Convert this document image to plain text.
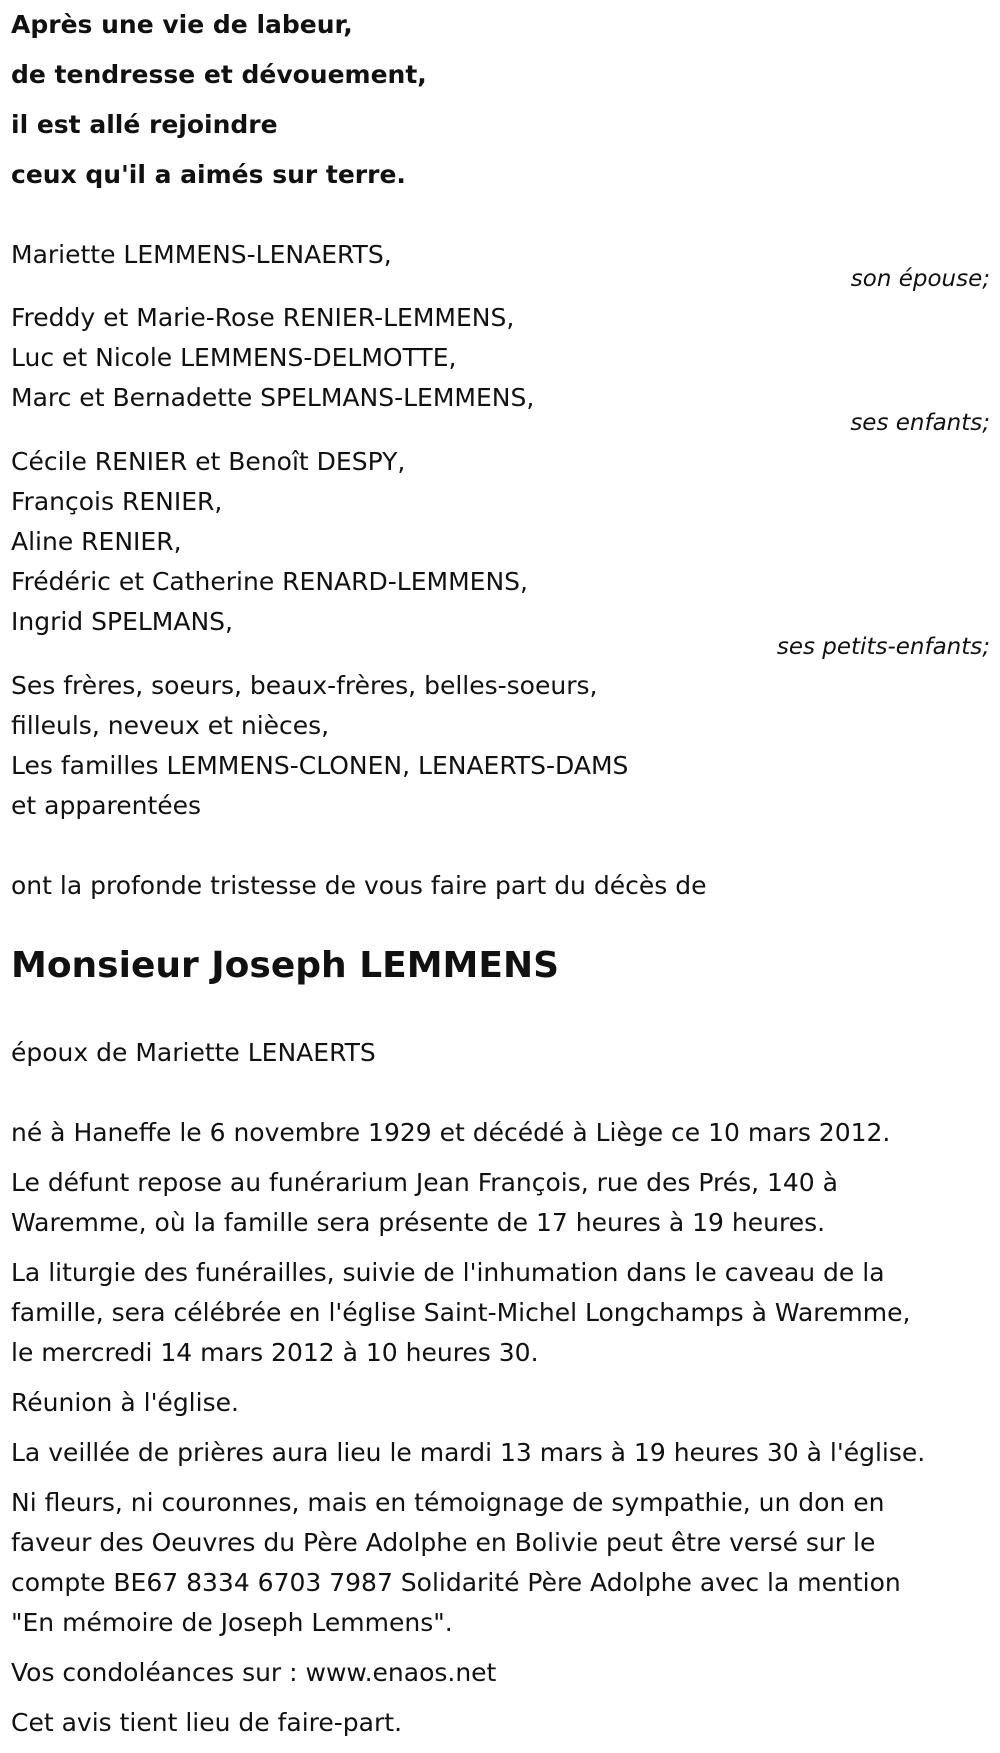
Après une vie de labeur,

de tendresse et dévouement,

il est allé rejoindre

ceux qu'il a aimés sur terre.

Mariette LEMMENS-LENAERTS,

son épouse;

Freddy et Marie-Rose RENIER-LEMMENS,

Luc et Nicole LEMMENS-DELMOTTE,

Marc et Bernadette SPELMANS-LEMMENS,

ses enfants;

Cécile RENIER et Benoît DESPY,

François RENIER,

Aline RENIER,

Frédéric et Catherine RENARD-LEMMENS,

Ingrid SPELMANS,

ses petits-enfants;

Ses frères, soeurs, beaux-frères, belles-soeurs,

filleuls, neveux et nièces,

Les familles LEMMENS-CLONEN, LENAERTS-DAMS

et apparentées

ont la profonde tristesse de vous faire part du décès de

Monsieur Joseph LEMMENS

époux de Mariette LENAERTS

né à Haneffe le 6 novembre 1929 et décédé à Liège ce 10 mars 2012.

Le défunt repose au funérarium Jean François, rue des Prés, 140 à

Waremme, où la famille sera présente de 17 heures à 19 heures.

La liturgie des funérailles, suivie de l'inhumation dans le caveau de la

famille, sera célébrée en l'église Saint-Michel Longchamps à Waremme,

le mercredi 14 mars 2012 à 10 heures 30.

Réunion à l'église.

La veillée de prières aura lieu le mardi 13 mars à 19 heures 30 à l'église.

Ni fleurs, ni couronnes, mais en témoignage de sympathie, un don en

faveur des Oeuvres du Père Adolphe en Bolivie peut être versé sur le

compte BE67 8334 6703 7987 Solidarité Père Adolphe avec la mention

"En mémoire de Joseph Lemmens".

Vos condoléances sur : www.enaos.net

Cet avis tient lieu de faire-part.
